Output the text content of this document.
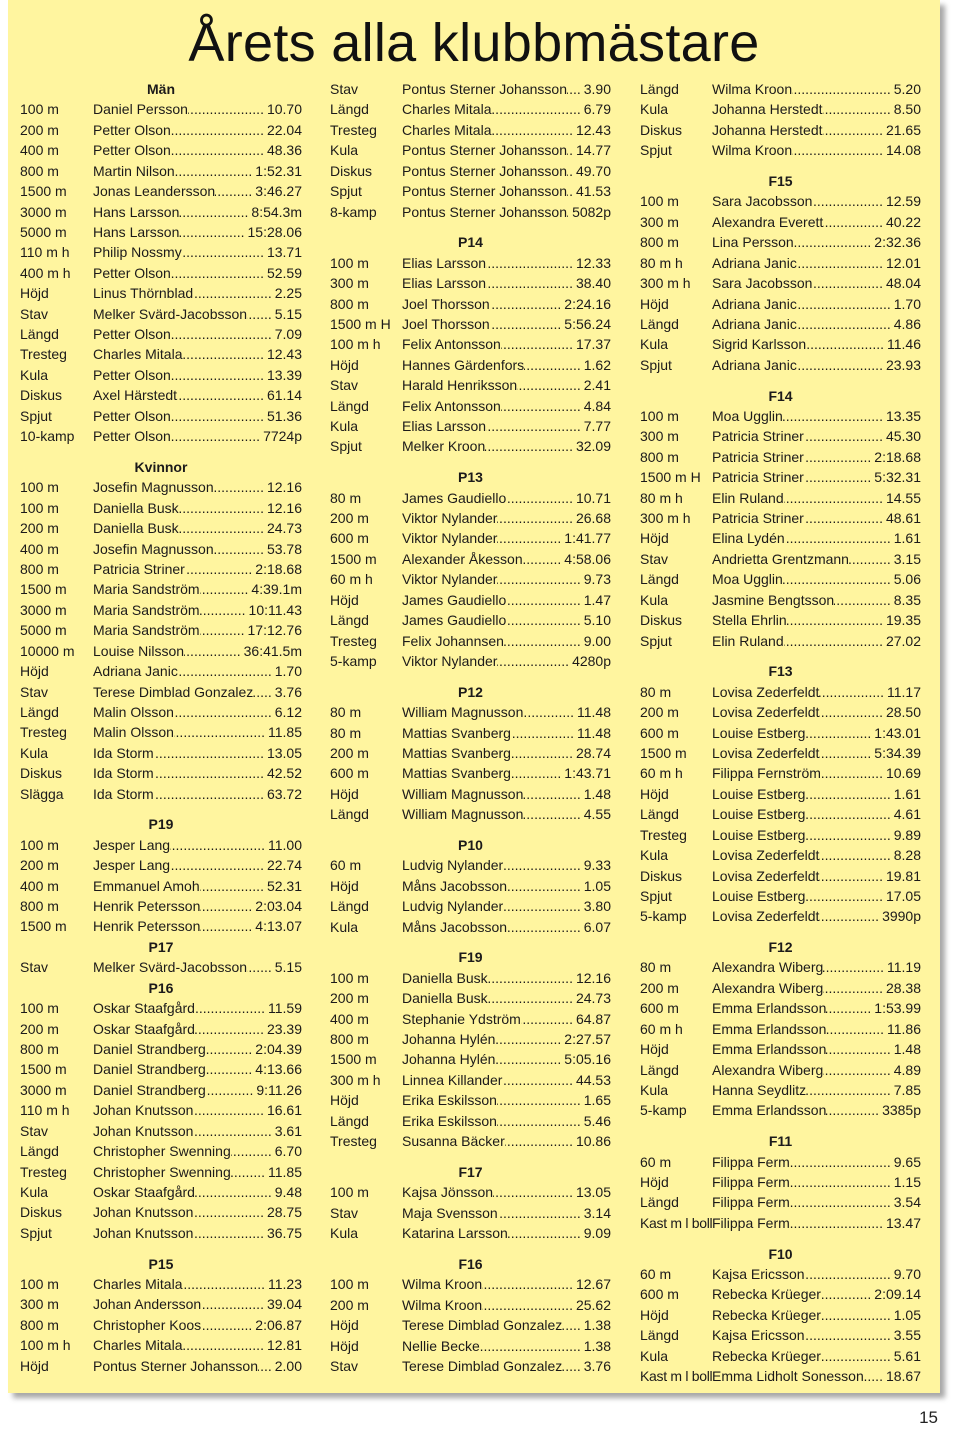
Årets alla klubbmästare
Män
100 m	Daniel Persson .....	10.70
200 m	Petter Olson .....	22.04
400 m	Petter Olson .....	48.36
800 m	Martin Nilson .....	1:52.31
1500 m	Jonas Leandersson .....	3:46.27
3000 m	Hans Larsson .....	8:54.3m
5000 m	Hans Larsson .....	15:28.06
110 m h	Philip Nossmy .....	13.71
400 m h	Petter Olson .....	52.59
Höjd	Linus Thörnblad .....	2.25
Stav	Melker Svärd-Jacobsson ..... 5.15
Längd	Petter Olson .....	7.09
Tresteg	Charles Mitala .....	12.43
Kula	Petter Olson .....	13.39
Diskus	Axel Härstedt .....	61.14
Spjut	Petter Olson .....	51.36
10-kamp	Petter Olson .....	7724p
Kvinnor
100 m	Josefin Magnusson .....	12.16
100 m	Daniella Busk .....	12.16
200 m	Daniella Busk .....	24.73
400 m	Josefin Magnusson .....	53.78
800 m	Patricia Striner .....	2:18.68
1500 m	Maria Sandström .....	4:39.1m
3000 m	Maria Sandström .....	10:11.43
5000 m	Maria Sandström .....	17:12.76
10000 m	Louise Nilsson .....	36:41.5m
Höjd	Adriana Janic .....	1.70
Stav	Terese Dimblad Gonzalez ..... 3.76
Längd	Malin Olsson .....	6.12
Tresteg	Malin Olsson .....	11.85
Kula	Ida Storm .....	13.05
Diskus	Ida Storm .....	42.52
Slägga	Ida Storm .....	63.72
P19
100 m	Jesper Lang .....	11.00
200 m	Jesper Lang .....	22.74
400 m	Emmanuel Amoh .....	52.31
800 m	Henrik Petersson .....	2:03.04
1500 m	Henrik Petersson .....	4:13.07
P17
Stav	Melker Svärd-Jacobsson ..... 5.15
P16
100 m	Oskar Staafgård .....	11.59
200 m	Oskar Staafgård .....	23.39
800 m	Daniel Strandberg .....	2:04.39
1500 m	Daniel Strandberg .....	4:13.66
3000 m	Daniel Strandberg .....	9:11.26
110 m h	Johan Knutsson .....	16.61
Stav	Johan Knutsson .....	3.61
Längd	Christopher Swenning .....	6.70
Tresteg	Christopher Swenning .....	11.85
Kula	Oskar Staafgård .....	9.48
Diskus	Johan Knutsson .....	28.75
Spjut	Johan Knutsson .....	36.75
P15
100 m	Charles Mitala .....	11.23
300 m	Johan Andersson .....	39.04
800 m	Christopher Koos .....	2:06.87
100 m h	Charles Mitala .....	12.81
Höjd	Pontus Sterner Johansson ..... 2.00
Stav	Pontus Sterner Johansson ..... 3.90
Längd	Charles Mitala .....	6.79
Tresteg	Charles Mitala .....	12.43
Kula	Pontus Sterner Johansson ..... 14.77
Diskus	Pontus Sterner Johansson ..... 49.70
Spjut	Pontus Sterner Johansson ..... 41.53
8-kamp	Pontus Sterner Johansson ..... 5082p
P14
100 m	Elias Larsson .....	12.33
300 m	Elias Larsson .....	38.40
800 m	Joel Thorsson .....	2:24.16
1500 m H Joel Thorsson .....	5:56.24
100 m h	Felix Antonsson .....	17.37
Höjd	Hannes Gärdenfors .....	1.62
Stav	Harald Henriksson .....	2.41
Längd	Felix Antonsson .....	4.84
Kula	Elias Larsson .....	7.77
Spjut	Melker Kroon .....	32.09
P13
80 m	James Gaudiello .....	10.71
200 m	Viktor Nylander .....	26.68
600 m	Viktor Nylander .....	1:41.77
1500 m	Alexander Åkesson .....	4:58.06
60 m h	Viktor Nylander .....	9.73
Höjd	James Gaudiello .....	1.47
Längd	James Gaudiello .....	5.10
Tresteg	Felix Johannsen .....	9.00
5-kamp	Viktor Nylander .....	4280p
P12
80 m	William Magnusson .....	11.48
80 m	Mattias Svanberg .....	11.48
200 m	Mattias Svanberg .....	28.74
600 m	Mattias Svanberg .....	1:43.71
Höjd	William Magnusson .....	1.48
Längd	William Magnusson .....	4.55
P10
60 m	Ludvig Nylander .....	9.33
Höjd	Måns Jacobsson .....	1.05
Längd	Ludvig Nylander .....	3.80
Kula	Måns Jacobsson .....	6.07
F19
100 m	Daniella Busk .....	12.16
200 m	Daniella Busk .....	24.73
400 m	Stephanie Ydström .....	64.87
800 m	Johanna Hylén .....	2:27.57
1500 m	Johanna Hylén .....	5:05.16
300 m h	Linnea Killander .....	44.53
Höjd	Erika Eskilsson .....	1.65
Längd	Erika Eskilsson .....	5.46
Tresteg	Susanna Bäcker .....	10.86
F17
100 m	Kajsa Jönsson .....	13.05
Stav	Maja Svensson .....	3.14
Kula	Katarina Larsson .....	9.09
F16
100 m	Wilma Kroon .....	12.67
200 m	Wilma Kroon .....	25.62
Höjd	Terese Dimblad Gonzalez ..... 1.38
Höjd	Nellie Becke .....	1.38
Stav	Terese Dimblad Gonzalez ..... 3.76
Längd	Wilma Kroon .....	5.20
Kula	Johanna Herstedt .....	8.50
Diskus	Johanna Herstedt .....	21.65
Spjut	Wilma Kroon .....	14.08
F15
100 m	Sara Jacobsson .....	12.59
300 m	Alexandra Everett .....	40.22
800 m	Lina Persson .....	2:32.36
80 m h	Adriana Janic .....	12.01
300 m h	Sara Jacobsson .....	48.04
Höjd	Adriana Janic .....	1.70
Längd	Adriana Janic .....	4.86
Kula	Sigrid Karlsson .....	11.46
Spjut	Adriana Janic .....	23.93
F14
100 m	Moa Ugglin .....	13.35
300 m	Patricia Striner .....	45.30
800 m	Patricia Striner .....	2:18.68
1500 m H Patricia Striner .....	5:32.31
80 m h	Elin Ruland .....	14.55
300 m h	Patricia Striner .....	48.61
Höjd	Elina Lydén .....	1.61
Stav	Andrietta Grentzmann .....	3.15
Längd	Moa Ugglin .....	5.06
Kula	Jasmine Bengtsson .....	8.35
Diskus	Stella Ehrlin .....	19.35
Spjut	Elin Ruland .....	27.02
F13
80 m	Lovisa Zederfeldt .....	11.17
200 m	Lovisa Zederfeldt .....	28.50
600 m	Louise Estberg .....	1:43.01
1500 m	Lovisa Zederfeldt .....	5:34.39
60 m h	Filippa Fernström .....	10.69
Höjd	Louise Estberg .....	1.61
Längd	Louise Estberg .....	4.61
Tresteg	Louise Estberg .....	9.89
Kula	Lovisa Zederfeldt .....	8.28
Diskus	Lovisa Zederfeldt .....	19.81
Spjut	Louise Estberg .....	17.05
5-kamp	Lovisa Zederfeldt .....	3990p
F12
80 m	Alexandra Wiberg .....	11.19
200 m	Alexandra Wiberg .....	28.38
600 m	Emma Erlandsson .....	1:53.99
60 m h	Emma Erlandsson .....	11.86
Höjd	Emma Erlandsson .....	1.48
Längd	Alexandra Wiberg .....	4.89
Kula	Hanna Seydlitz .....	7.85
5-kamp	Emma Erlandsson .....	3385p
F11
60 m	Filippa Ferm .....	9.65
Höjd	Filippa Ferm .....	1.15
Längd	Filippa Ferm .....	3.54
Kast m l boll Filippa Ferm .....	13.47
F10
60 m	Kajsa Ericsson .....	9.70
600 m	Rebecka Krüeger .....	2:09.14
Höjd	Rebecka Krüeger .....	1.05
Längd	Kajsa Ericsson .....	3.55
Kula	Rebecka Krüeger .....	5.61
Kast m l boll Emma Lidholt Sonesson ..... 18.67
15
